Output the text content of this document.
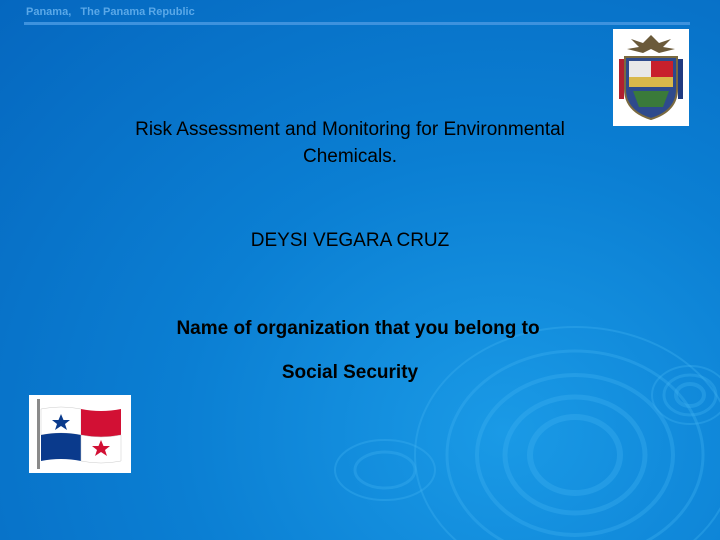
Panama,   The Panama Republic
Risk Assessment and Monitoring for Environmental Chemicals.
DEYSI VEGARA CRUZ
Name of organization that you belong to
Social Security
